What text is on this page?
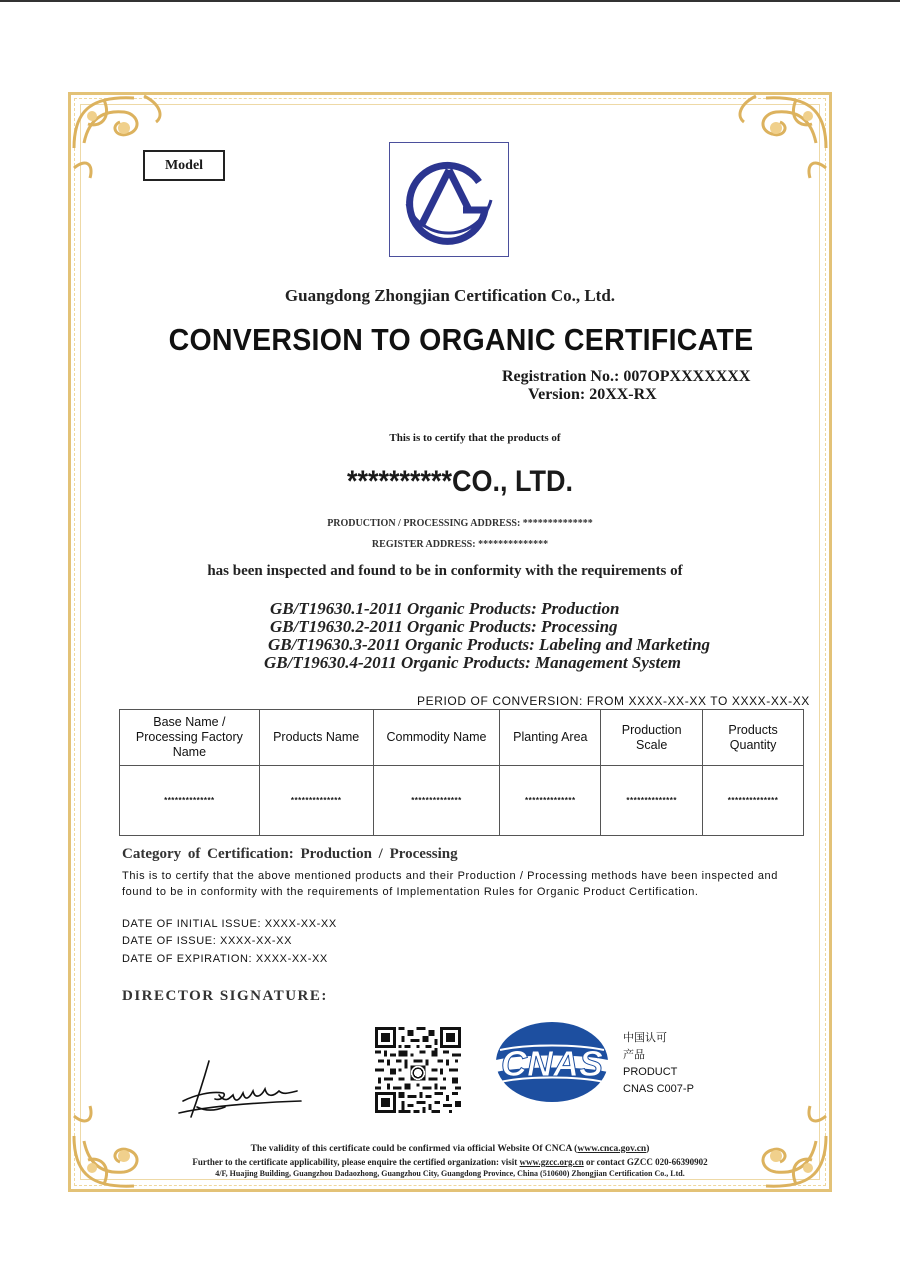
Model
Guangdong Zhongjian Certification Co., Ltd.
CONVERSION TO ORGANIC CERTIFICATE
Registration No.: 007OPXXXXXXX
Version: 20XX-RX
This is to certify that the products of
**********CO., LTD.
PRODUCTION / PROCESSING ADDRESS: **************
REGISTER ADDRESS: **************
has been inspected and found to be in conformity with the requirements of
GB/T19630.1-2011 Organic Products: Production
GB/T19630.2-2011 Organic Products: Processing
GB/T19630.3-2011 Organic Products: Labeling and Marketing
GB/T19630.4-2011 Organic Products: Management System
PERIOD OF CONVERSION: FROM XXXX-XX-XX TO XXXX-XX-XX
Base Name / Processing Factory Name	Products Name	Commodity Name	Planting Area	Production Scale	Products Quantity
**************	**************	**************	**************	**************	**************
Category of Certification: Production / Processing
This is to certify that the above mentioned products and their Production / Processing methods have been inspected and found to be in conformity with the requirements of Implementation Rules for Organic Product Certification.
DATE OF INITIAL ISSUE: XXXX-XX-XX
DATE OF ISSUE: XXXX-XX-XX
DATE OF EXPIRATION: XXXX-XX-XX
DIRECTOR SIGNATURE:
CNAS
中国认可
产品
PRODUCT
CNAS C007-P
The validity of this certificate could be confirmed via official Website Of CNCA (www.cnca.gov.cn)
Further to the certificate applicability, please enquire the certified organization: visit www.gzcc.org.cn or contact GZCC 020-66390902
4/F, Huajing Building, Guangzhou Dadaozhong, Guangzhou City, Guangdong Province, China (510600) Zhongjian Certification Co., Ltd.
